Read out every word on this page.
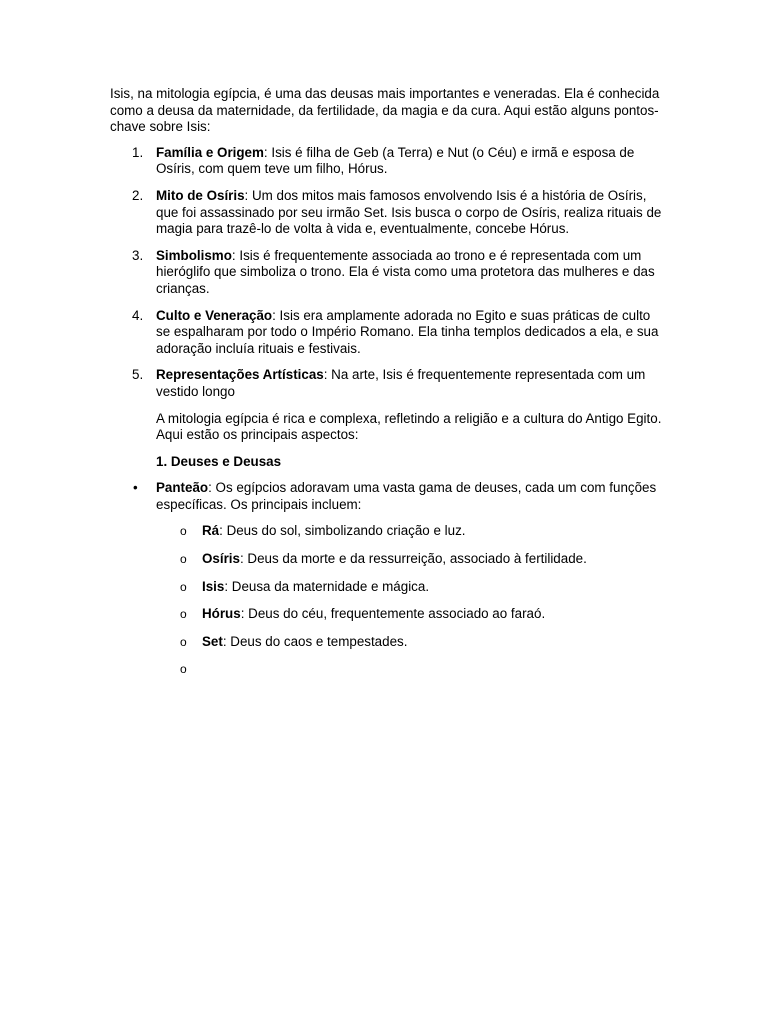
Isis, na mitologia egípcia, é uma das deusas mais importantes e veneradas. Ela é conhecida como a deusa da maternidade, da fertilidade, da magia e da cura. Aqui estão alguns pontos-chave sobre Isis:

1. Família e Origem: Isis é filha de Geb (a Terra) e Nut (o Céu) e irmã e esposa de Osíris, com quem teve um filho, Hórus.
2. Mito de Osíris: Um dos mitos mais famosos envolvendo Isis é a história de Osíris, que foi assassinado por seu irmão Set. Isis busca o corpo de Osíris, realiza rituais de magia para trazê-lo de volta à vida e, eventualmente, concebe Hórus.
3. Simbolismo: Isis é frequentemente associada ao trono e é representada com um hieróglifo que simboliza o trono. Ela é vista como uma protetora das mulheres e das crianças.
4. Culto e Veneração: Isis era amplamente adorada no Egito e suas práticas de culto se espalharam por todo o Império Romano. Ela tinha templos dedicados a ela, e sua adoração incluía rituais e festivais.
5. Representações Artísticas: Na arte, Isis é frequentemente representada com um vestido longo

A mitologia egípcia é rica e complexa, refletindo a religião e a cultura do Antigo Egito. Aqui estão os principais aspectos:

1. Deuses e Deusas

• Panteão: Os egípcios adoravam uma vasta gama de deuses, cada um com funções específicas. Os principais incluem:
o Rá: Deus do sol, simbolizando criação e luz.
o Osíris: Deus da morte e da ressurreição, associado à fertilidade.
o Isis: Deusa da maternidade e mágica.
o Hórus: Deus do céu, frequentemente associado ao faraó.
o Set: Deus do caos e tempestades.
o
